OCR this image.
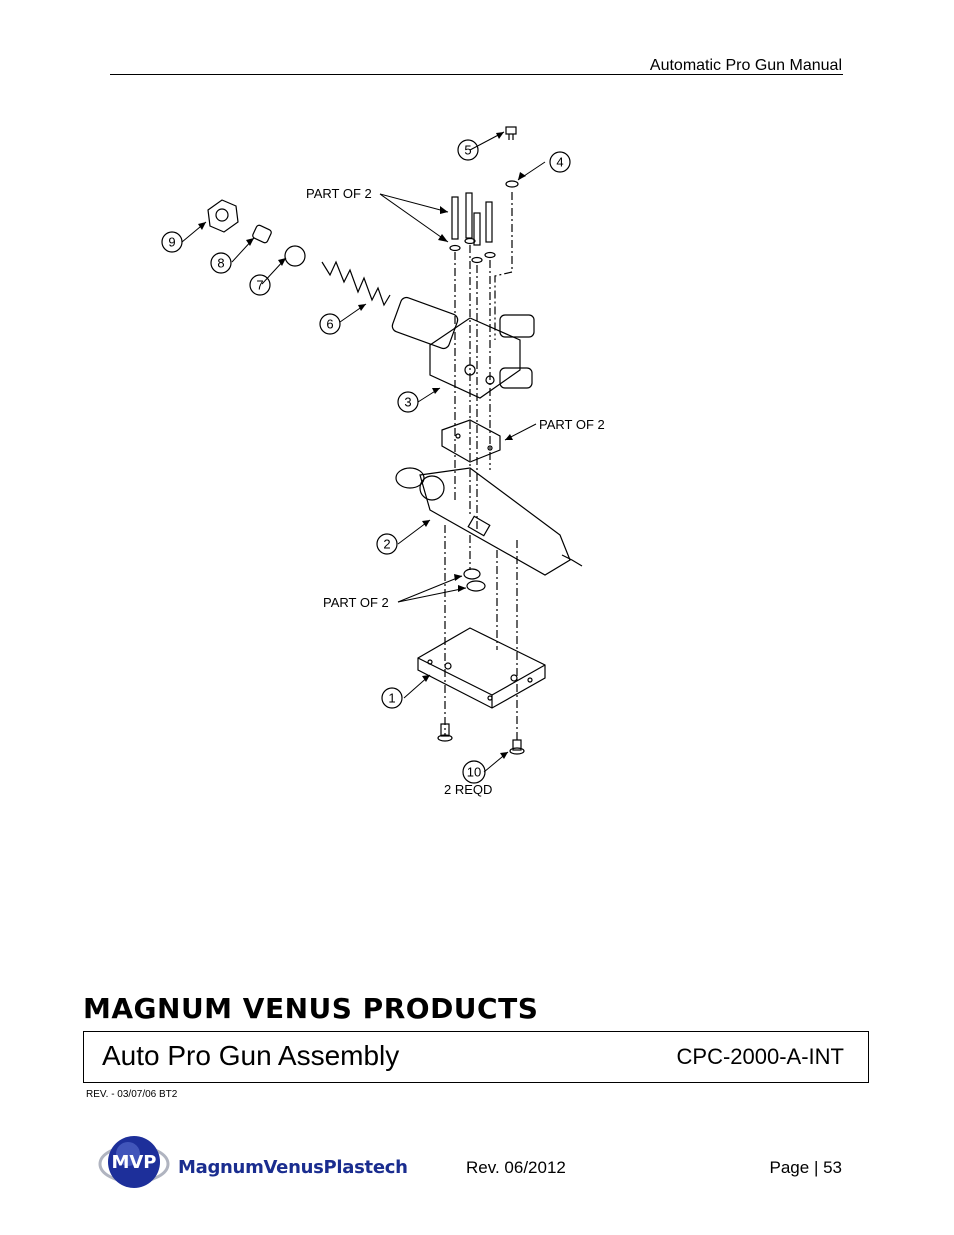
Automatic Pro Gun Manual
1
2
3
4
5
6
7
8
9
10
PART OF 2
PART OF 2
PART OF 2
2 REQD
MAGNUM VENUS PRODUCTS
Auto Pro Gun Assembly	CPC-2000-A-INT
REV. - 03/07/06 BT2
MVP MagnumVenusPlastech	Rev. 06/2012	Page | 53
